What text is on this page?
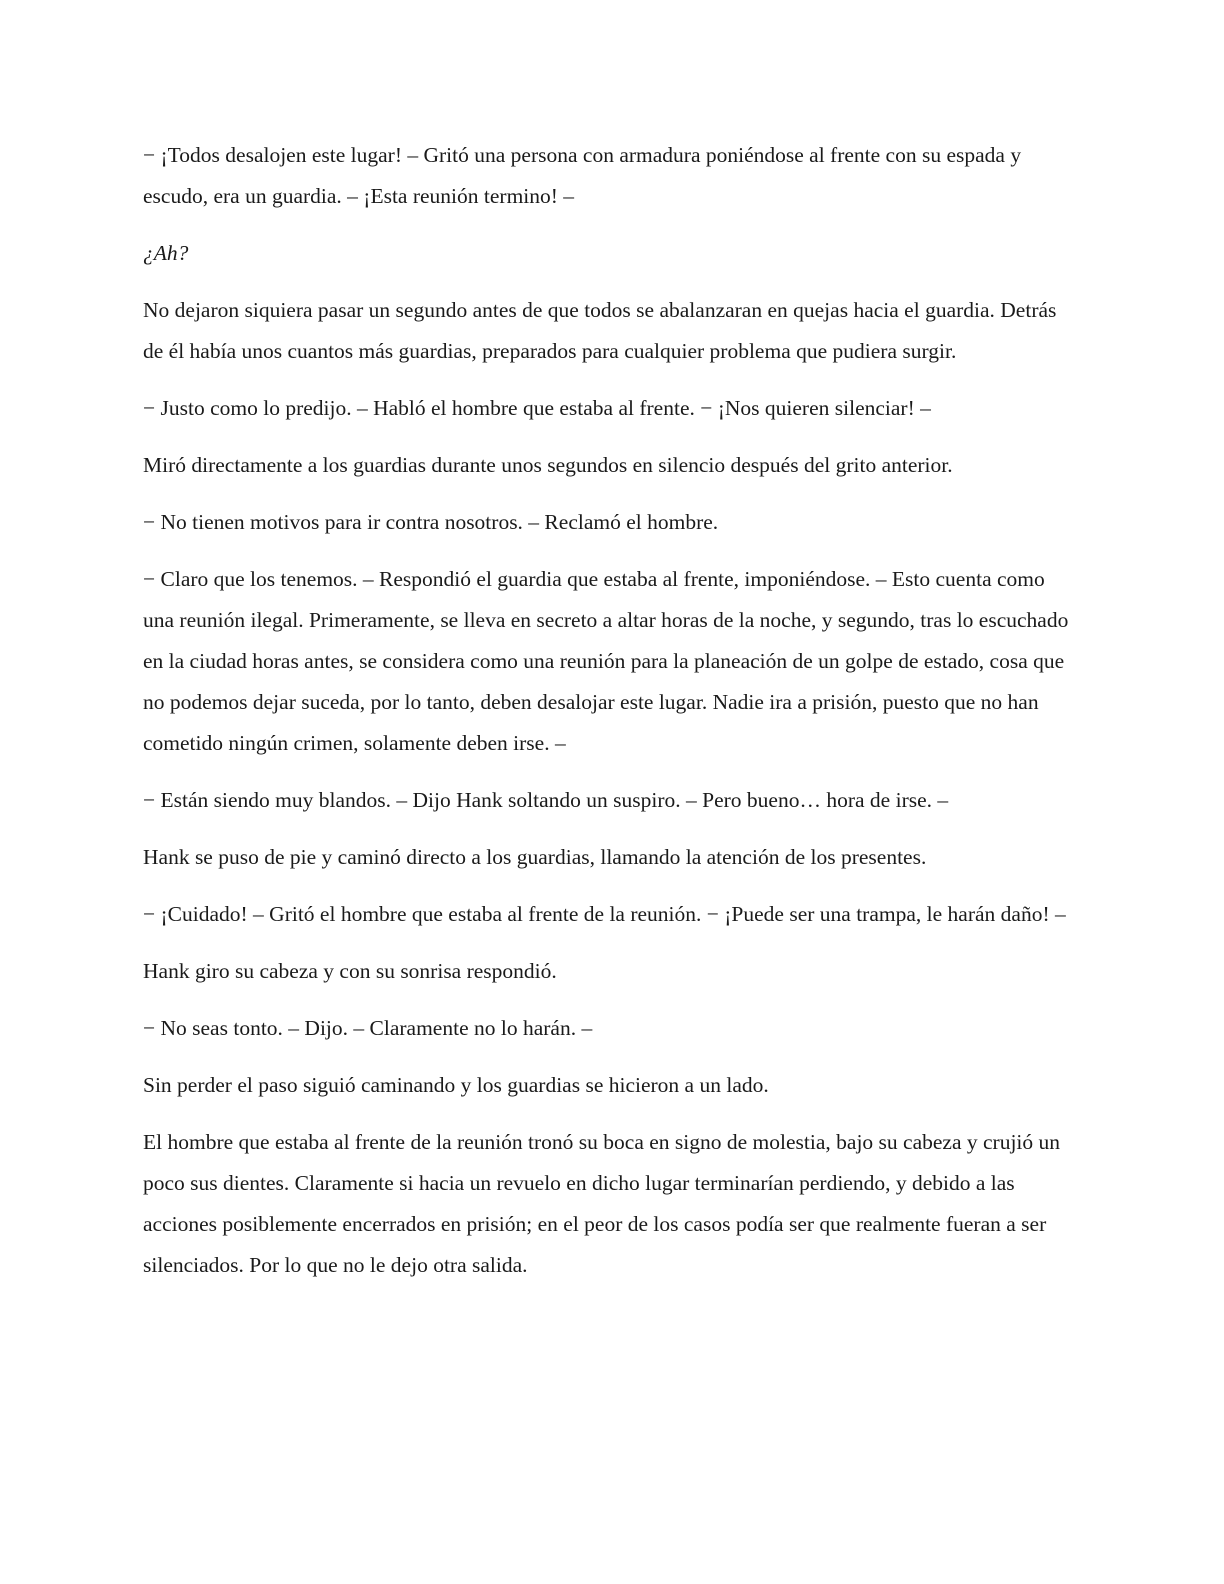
− ¡Todos desalojen este lugar! – Gritó una persona con armadura poniéndose al frente con su espada y escudo, era un guardia. – ¡Esta reunión termino! –

¿Ah?

No dejaron siquiera pasar un segundo antes de que todos se abalanzaran en quejas hacia el guardia. Detrás de él había unos cuantos más guardias, preparados para cualquier problema que pudiera surgir.

− Justo como lo predijo. – Habló el hombre que estaba al frente. − ¡Nos quieren silenciar! –

Miró directamente a los guardias durante unos segundos en silencio después del grito anterior.

− No tienen motivos para ir contra nosotros. – Reclamó el hombre.

− Claro que los tenemos. – Respondió el guardia que estaba al frente, imponiéndose. – Esto cuenta como una reunión ilegal. Primeramente, se lleva en secreto a altar horas de la noche, y segundo, tras lo escuchado en la ciudad horas antes, se considera como una reunión para la planeación de un golpe de estado, cosa que no podemos dejar suceda, por lo tanto, deben desalojar este lugar. Nadie ira a prisión, puesto que no han cometido ningún crimen, solamente deben irse. –

− Están siendo muy blandos. – Dijo Hank soltando un suspiro. – Pero bueno… hora de irse. –

Hank se puso de pie y caminó directo a los guardias, llamando la atención de los presentes.

− ¡Cuidado! – Gritó el hombre que estaba al frente de la reunión. − ¡Puede ser una trampa, le harán daño! –

Hank giro su cabeza y con su sonrisa respondió.

− No seas tonto. – Dijo. – Claramente no lo harán. –

Sin perder el paso siguió caminando y los guardias se hicieron a un lado.

El hombre que estaba al frente de la reunión tronó su boca en signo de molestia, bajo su cabeza y crujió un poco sus dientes. Claramente si hacia un revuelo en dicho lugar terminarían perdiendo, y debido a las acciones posiblemente encerrados en prisión; en el peor de los casos podía ser que realmente fueran a ser silenciados. Por lo que no le dejo otra salida.
